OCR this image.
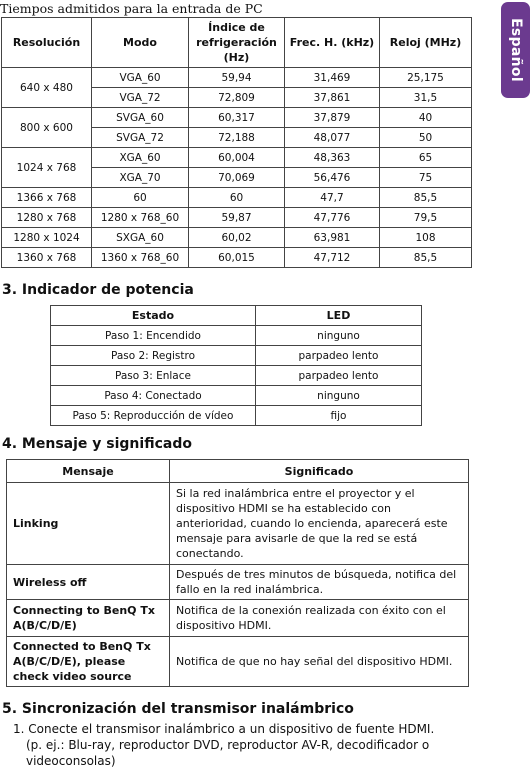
Español
Tiempos admitidos para la entrada de PC
Resolución	Modo	Índice de refrigeración (Hz)	Frec. H. (kHz)	Reloj (MHz)
640 x 480	VGA_60	59,94	31,469	25,175
	VGA_72	72,809	37,861	31,5
800 x 600	SVGA_60	60,317	37,879	40
	SVGA_72	72,188	48,077	50
1024 x 768	XGA_60	60,004	48,363	65
	XGA_70	70,069	56,476	75
1366 x 768	60	60	47,7	85,5
1280 x 768	1280 x 768_60	59,87	47,776	79,5
1280 x 1024	SXGA_60	60,02	63,981	108
1360 x 768	1360 x 768_60	60,015	47,712	85,5
3. Indicador de potencia
Estado	LED
Paso 1: Encendido	ninguno
Paso 2: Registro	parpadeo lento
Paso 3: Enlace	parpadeo lento
Paso 4: Conectado	ninguno
Paso 5: Reproducción de vídeo	fijo
4. Mensaje y significado
Mensaje	Significado
Linking	Si la red inalámbrica entre el proyector y el dispositivo HDMI se ha establecido con anterioridad, cuando lo encienda, aparecerá este mensaje para avisarle de que la red se está conectando.
Wireless off	Después de tres minutos de búsqueda, notifica del fallo en la red inalámbrica.
Connecting to BenQ Tx A(B/C/D/E)	Notifica de la conexión realizada con éxito con el dispositivo HDMI.
Connected to BenQ Tx A(B/C/D/E), please check video source	Notifica de que no hay señal del dispositivo HDMI.
5. Sincronización del transmisor inalámbrico
1. Conecte el transmisor inalámbrico a un dispositivo de fuente HDMI.
(p. ej.: Blu-ray, reproductor DVD, reproductor AV-R, decodificador o videoconsolas)
